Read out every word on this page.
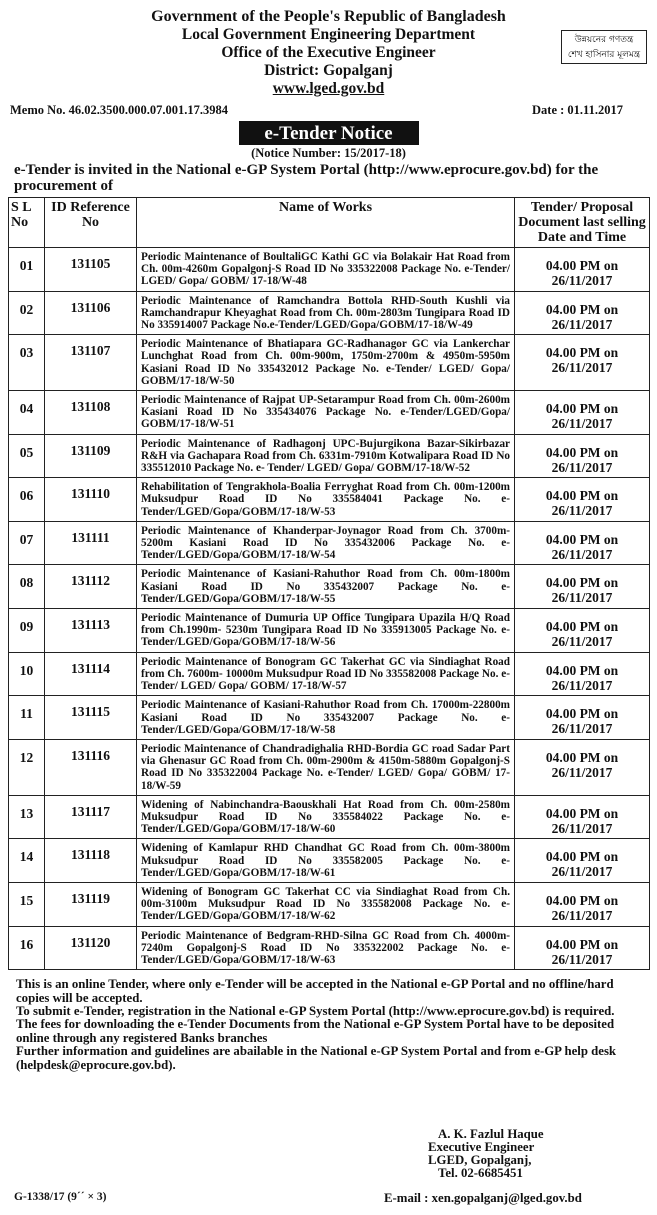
Government of the People's Republic of Bangladesh
Local Government Engineering Department
Office of the Executive Engineer
District: Gopalganj
www.lged.gov.bd
উন্নয়নের গণতন্ত্র
শেখ হাসিনার মূলমন্ত্র
Memo No. 46.02.3500.000.07.001.17.3984	Date : 01.11.2017
e-Tender Notice
(Notice Number: 15/2017-18)
e-Tender is invited in the National e-GP System Portal (http://www.eprocure.gov.bd) for the procurement of
S L No	ID Reference No	Name of Works	Tender/ Proposal Document last selling Date and Time
01	131105	Periodic Maintenance of BoultaliGC Kathi GC via Bolakair Hat Road from Ch. 00m-4260m Gopalgonj-S Road ID No 335322008 Package No. e-Tender/ LGED/ Gopa/ GOBM/ 17-18/W-48	04.00 PM on 26/11/2017
02	131106	Periodic Maintenance of Ramchandra Bottola RHD-South Kushli via Ramchandrapur Kheyaghat Road from Ch. 00m-2803m Tungipara Road ID No 335914007 Package No.e-Tender/LGED/Gopa/GOBM/17-18/W-49	04.00 PM on 26/11/2017
03	131107	Periodic Maintenance of Bhatiapara GC-Radhanagor GC via Lankerchar Lunchghat Road from Ch. 00m-900m, 1750m-2700m & 4950m-5950m Kasiani Road ID No 335432012 Package No. e-Tender/ LGED/ Gopa/ GOBM/17-18/W-50	04.00 PM on 26/11/2017
04	131108	Periodic Maintenance of Rajpat UP-Setarampur Road from Ch. 00m-2600m Kasiani Road ID No 335434076 Package No. e-Tender/LGED/Gopa/ GOBM/17-18/W-51	04.00 PM on 26/11/2017
05	131109	Periodic Maintenance of Radhagonj UPC-Bujurgikona Bazar-Sikirbazar R&H via Gachapara Road from Ch. 6331m-7910m Kotwalipara Road ID No 335512010 Package No. e- Tender/ LGED/ Gopa/ GOBM/17-18/W-52	04.00 PM on 26/11/2017
06	131110	Rehabilitation of Tengrakhola-Boalia Ferryghat Road from Ch. 00m-1200m Muksudpur Road ID No 335584041 Package No. e-Tender/LGED/Gopa/GOBM/17-18/W-53	04.00 PM on 26/11/2017
07	131111	Periodic Maintenance of Khanderpar-Joynagor Road from Ch. 3700m-5200m Kasiani Road ID No 335432006 Package No. e-Tender/LGED/Gopa/GOBM/17-18/W-54	04.00 PM on 26/11/2017
08	131112	Periodic Maintenance of Kasiani-Rahuthor Road from Ch. 00m-1800m Kasiani Road ID No 335432007 Package No. e-Tender/LGED/Gopa/GOBM/17-18/W-55	04.00 PM on 26/11/2017
09	131113	Periodic Maintenance of Dumuria UP Office Tungipara Upazila H/Q Road from Ch.1990m- 5230m Tungipara Road ID No 335913005 Package No. e-Tender/LGED/Gopa/GOBM/17-18/W-56	04.00 PM on 26/11/2017
10	131114	Periodic Maintenance of Bonogram GC Takerhat GC via Sindiaghat Road from Ch. 7600m- 10000m Muksudpur Road ID No 335582008 Package No. e-Tender/ LGED/ Gopa/ GOBM/ 17-18/W-57	04.00 PM on 26/11/2017
11	131115	Periodic Maintenance of Kasiani-Rahuthor Road from Ch. 17000m-22800m Kasiani Road ID No 335432007 Package No. e-Tender/LGED/Gopa/GOBM/17-18/W-58	04.00 PM on 26/11/2017
12	131116	Periodic Maintenance of Chandradighalia RHD-Bordia GC road Sadar Part via Ghenasur GC Road from Ch. 00m-2900m & 4150m-5880m Gopalgonj-S Road ID No 335322004 Package No. e-Tender/ LGED/ Gopa/ GOBM/ 17-18/W-59	04.00 PM on 26/11/2017
13	131117	Widening of Nabinchandra-Baouskhali Hat Road from Ch. 00m-2580m Muksudpur Road ID No 335584022 Package No. e-Tender/LGED/Gopa/GOBM/17-18/W-60	04.00 PM on 26/11/2017
14	131118	Widening of Kamlapur RHD Chandhat GC Road from Ch. 00m-3800m Muksudpur Road ID No 335582005 Package No. e-Tender/LGED/Gopa/GOBM/17-18/W-61	04.00 PM on 26/11/2017
15	131119	Widening of Bonogram GC Takerhat CC via Sindiaghat Road from Ch. 00m-3100m Muksudpur Road ID No 335582008 Package No. e-Tender/LGED/Gopa/GOBM/17-18/W-62	04.00 PM on 26/11/2017
16	131120	Periodic Maintenance of Bedgram-RHD-Silna GC Road from Ch. 4000m-7240m Gopalgonj-S Road ID No 335322002 Package No. e-Tender/LGED/Gopa/GOBM/17-18/W-63	04.00 PM on 26/11/2017

This is an online Tender, where only e-Tender will be accepted in the National e-GP Portal and no offline/hard copies will be accepted.

To submit e-Tender, registration in the National e-GP System Portal (http://www.eprocure.gov.bd) is required.

The fees for downloading the e-Tender Documents from the National e-GP System Portal have to be deposited online through any registered Banks branches

Further information and guidelines are abailable in the National e-GP System Portal and from e-GP help desk (helpdesk@eprocure.gov.bd).

A. K. Fazlul Haque
Executive Engineer
LGED, Gopalganj,
Tel. 02-6685451
G-1338/17 (9´´ × 3)	E-mail : xen.gopalganj@lged.gov.bd
